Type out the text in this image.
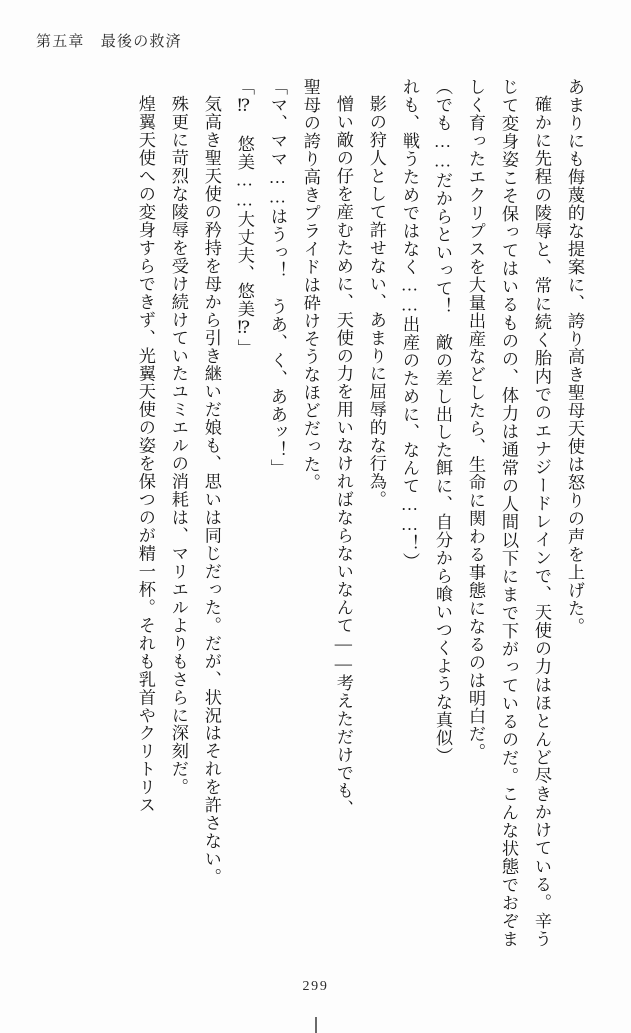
第五章　最後の救済

あまりにも侮蔑的な提案に、誇り高き聖母天使は怒りの声を上げた。

確かに先程の陵辱と、常に続く胎内でのエナジードレインで、天使の力はほとんど尽きかけている。辛うじて変身姿こそ保ってはいるものの、体力は通常の人間以下にまで下がっているのだ。こんな状態でおぞましく育ったエクリプスを大量出産などしたら、生命に関わる事態になるのは明白だ。

（でも……だからといって！　敵の差し出した餌に、自分から喰いつくような真似）

れも、戦うためではなく……出産のために、なんて……！）

影の狩人として許せない、あまりに屈辱的な行為。

憎い敵の仔を産むために、天使の力を用いなければならないなんて――考えただけでも、

聖母の誇り高きプライドは砕けそうなほどだった。

「マ、ママ……はうっ！　うあ、く、ああッ！」

「⁉　悠美……大丈夫、悠美⁉」

気高き聖天使の矜持を母から引き継いだ娘も、思いは同じだった。だが、状況はそれを許さない。

殊更に苛烈な陵辱を受け続けていたユミエルの消耗は、マリエルよりもさらに深刻だ。

煌翼天使への変身すらできず、光翼天使の姿を保つのが精一杯。それも乳首やクリトリス

299
